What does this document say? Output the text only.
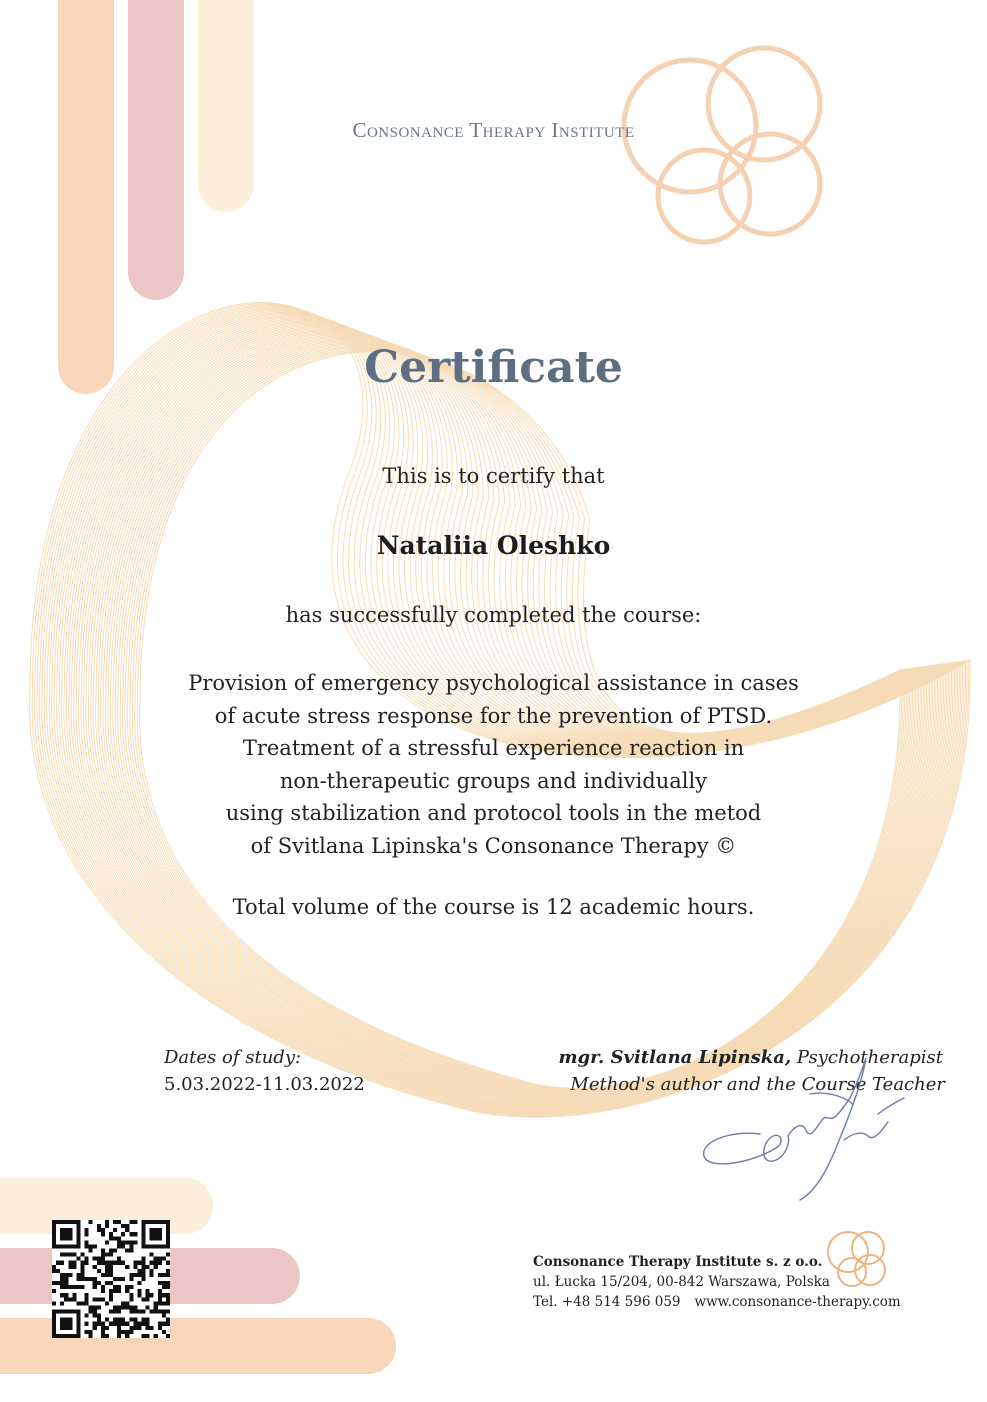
Consonance Therapy Institute
Certificate
This is to certify that
Nataliia Oleshko
has successfully completed the course:
Provision of emergency psychological assistance in cases
of acute stress response for the prevention of PTSD.
Treatment of a stressful experience reaction in
non-therapeutic groups and individually
using stabilization and protocol tools in the metod
of Svitlana Lipinska's Consonance Therapy ©
Total volume of the course is 12 academic hours.
Dates of study:
5.03.2022-11.03.2022
mgr. Svitlana Lipinska, Psychotherapist
Method's author and the Course Teacher
Consonance Therapy Institute s. z o.o.
ul. Łucka 15/204, 00-842 Warszawa, Polska
Tel. +48 514 596 059 www.consonance-therapy.com
